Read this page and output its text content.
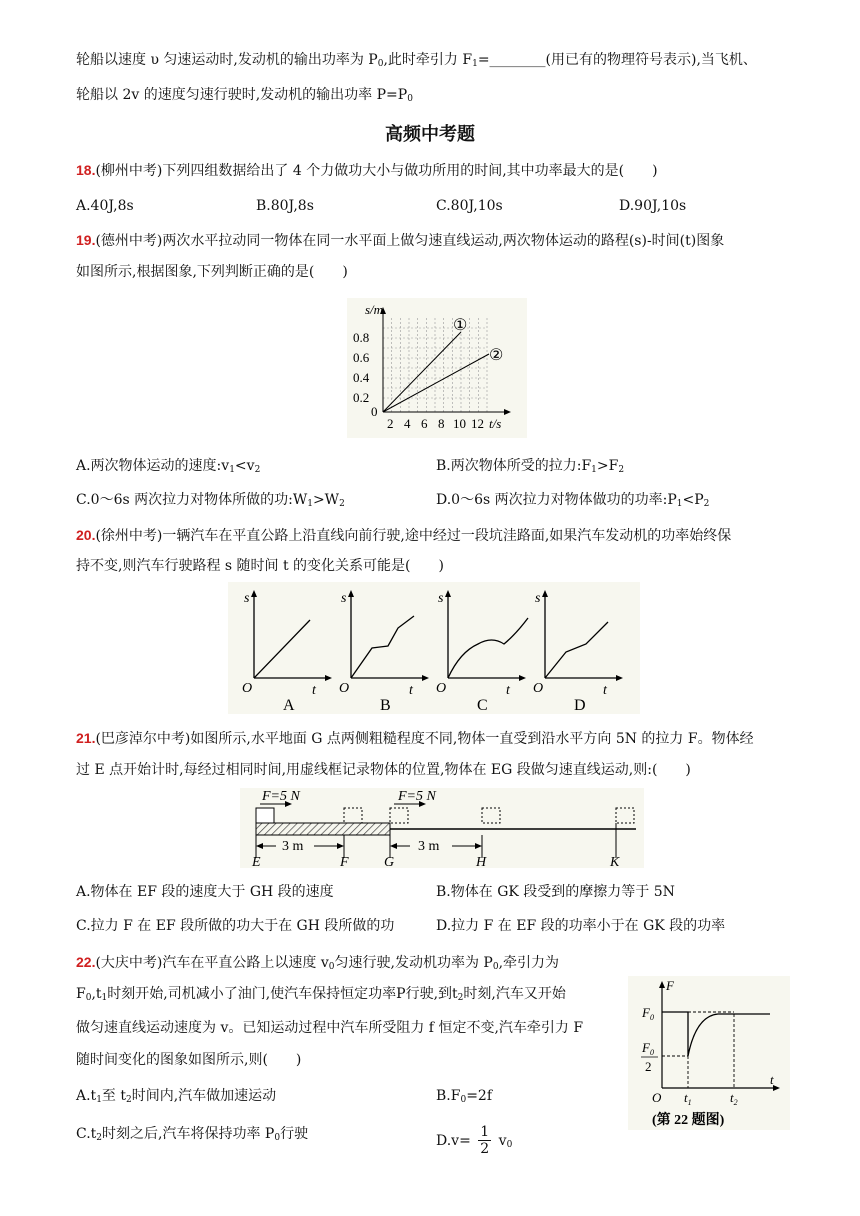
轮船以速度 υ 匀速运动时,发动机的输出功率为 $P_0$,此时牵引力 $F_1=\_\_\_\_\_\_\_\_$(用已有的物理符号表示),当飞机、
轮船以 2v 的速度匀速行驶时,发动机的输出功率 $P=P_0$
高频中考题
18.(柳州中考)下列四组数据给出了 4 个力做功大小与做功所用的时间,其中功率最大的是(　　)
A.40J,8s	B.80J,8s	C.80J,10s	D.90J,10s
19.(德州中考)两次水平拉动同一物体在同一水平面上做匀速直线运动,两次物体运动的路程(s)-时间(t)图象
如图所示,根据图象,下列判断正确的是(　　)
s/m
0.8
0.6
0.4
0.2
0
2 4 6 8 10 12 t/s
①
②
A.两次物体运动的速度$:v_1<v_2$	B.两次物体所受的拉力$:F_1>F_2$
C.0～6s 两次拉力对物体所做的功$:W_1>W_2$	D.0～6s 两次拉力对物体做功的功率$:P_1<P_2$
20.(徐州中考)一辆汽车在平直公路上沿直线向前行驶,途中经过一段坑洼路面,如果汽车发动机的功率始终保
持不变,则汽车行驶路程 s 随时间 t 的变化关系可能是(　　)
s
O	t
s
O	t
s
O	t
s
O	t
A	B	C	D
21.(巴彦淖尔中考)如图所示,水平地面 G 点两侧粗糙程度不同,物体一直受到沿水平方向 5N 的拉力 F。物体经
过 E 点开始计时,每经过相同时间,用虚线框记录物体的位置,物体在 EG 段做匀速直线运动,则:(　　)
F=5 N	F=5 N
3 m	3 m
E	F	G	H	K
A.物体在 EF 段的速度大于 GH 段的速度	B.物体在 GK 段受到的摩擦力等于 5N
C.拉力 F 在 EF 段所做的功大于在 GH 段所做的功	D.拉力 F 在 EF 段的功率小于在 GK 段的功率
22.(大庆中考)汽车在平直公路上以速度 $v_0$匀速行驶,发动机功率为 $P_0$,牵引力为
$F_0,t_1$时刻开始,司机减小了油门,使汽车保持恒定功率P行驶,到$t_2$时刻,汽车又开始
做匀速直线运动速度为 v。已知运动过程中汽车所受阻力 f 恒定不变,汽车牵引力 F
随时间变化的图象如图所示,则(　　)
$A.t_1$至 $t_2$时间内,汽车做加速运动	$B.F_0=2f$
$C.t_2$时刻之后,汽车将保持功率 $P_0$行驶	$D.v= \frac{1}{2} v_0$
F
$F_0$
$F_0$
2
O $t_1$	$t_2$
t
(第 22 题图)
